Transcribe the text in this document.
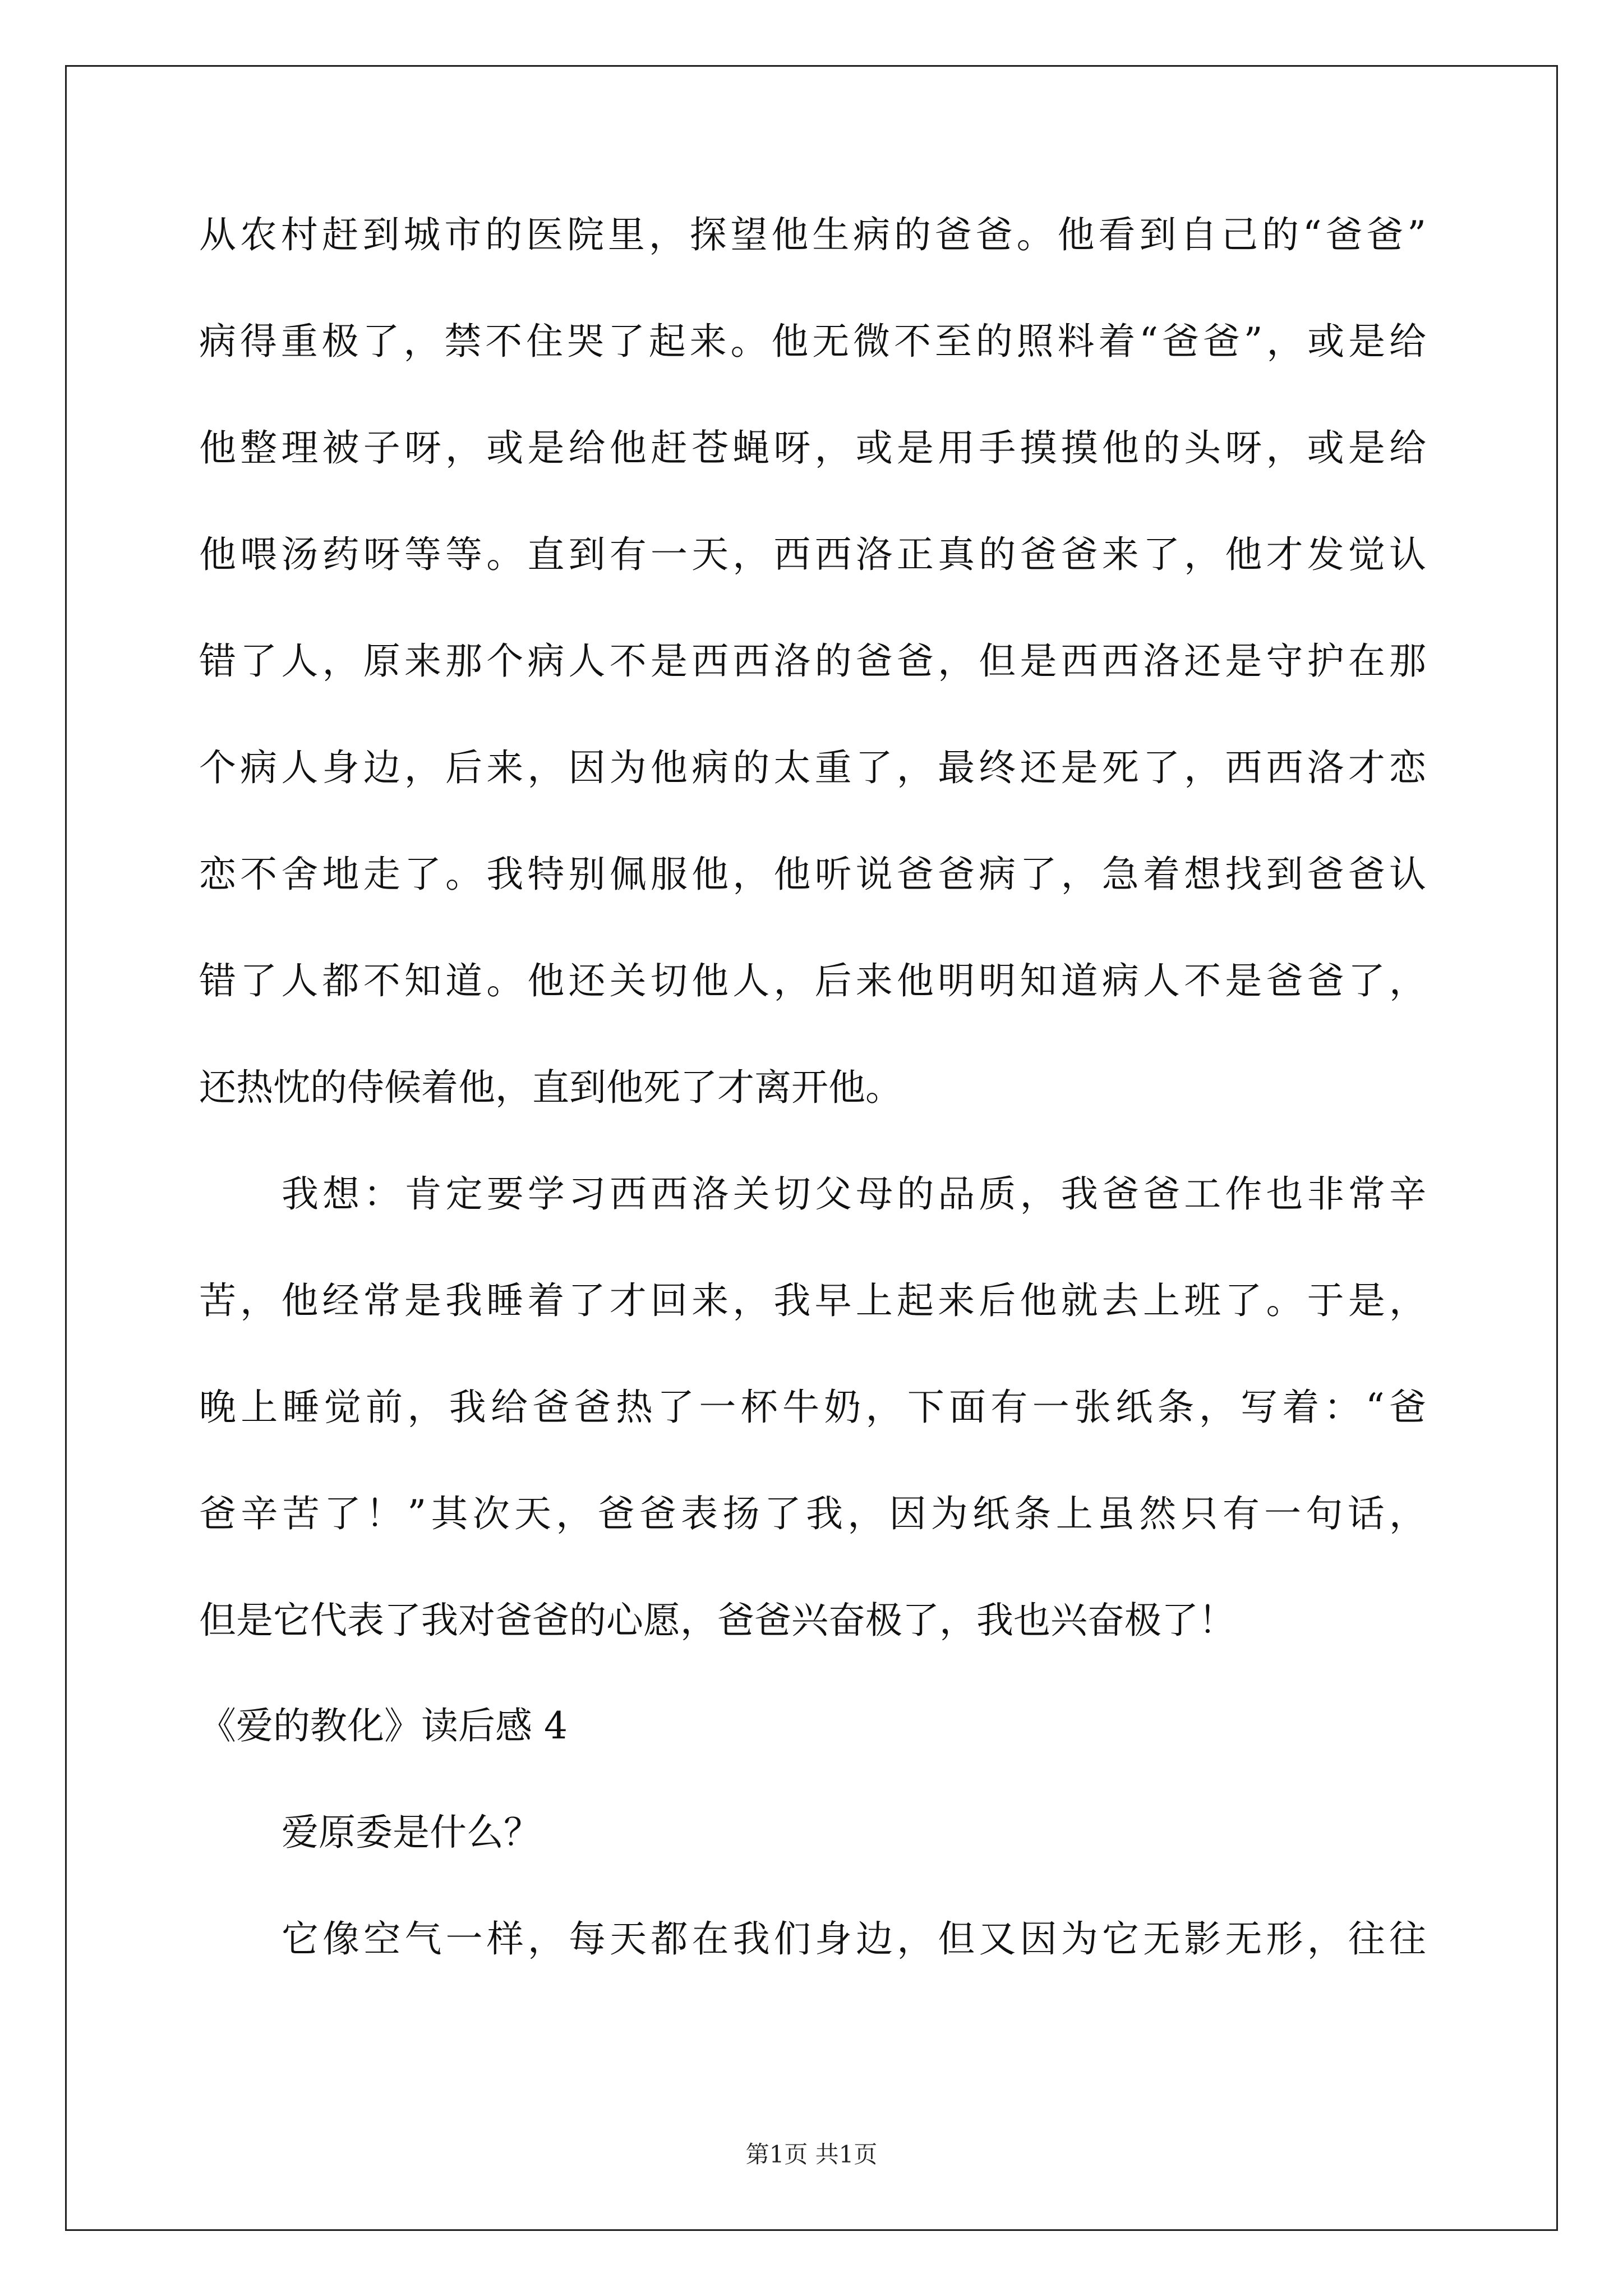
从农村赶到城市的医院里，探望他生病的爸爸。他看到自己的“爸爸”
病得重极了，禁不住哭了起来。他无微不至的照料着“爸爸”，或是给
他整理被子呀，或是给他赶苍蝇呀，或是用手摸摸他的头呀，或是给
他喂汤药呀等等。直到有一天，西西洛正真的爸爸来了，他才发觉认
错了人，原来那个病人不是西西洛的爸爸，但是西西洛还是守护在那
个病人身边，后来，因为他病的太重了，最终还是死了，西西洛才恋
恋不舍地走了。我特别佩服他，他听说爸爸病了，急着想找到爸爸认
错了人都不知道。他还关切他人，后来他明明知道病人不是爸爸了，
还热忱的侍候着他，直到他死了才离开他。
我想：肯定要学习西西洛关切父母的品质，我爸爸工作也非常辛
苦，他经常是我睡着了才回来，我早上起来后他就去上班了。于是，
晚上睡觉前，我给爸爸热了一杯牛奶，下面有一张纸条，写着：“爸
爸辛苦了！”其次天，爸爸表扬了我，因为纸条上虽然只有一句话，
但是它代表了我对爸爸的心愿，爸爸兴奋极了，我也兴奋极了！
《爱的教化》读后感 4
爱原委是什么？
它像空气一样，每天都在我们身边，但又因为它无影无形，往往
第1页 共1页
